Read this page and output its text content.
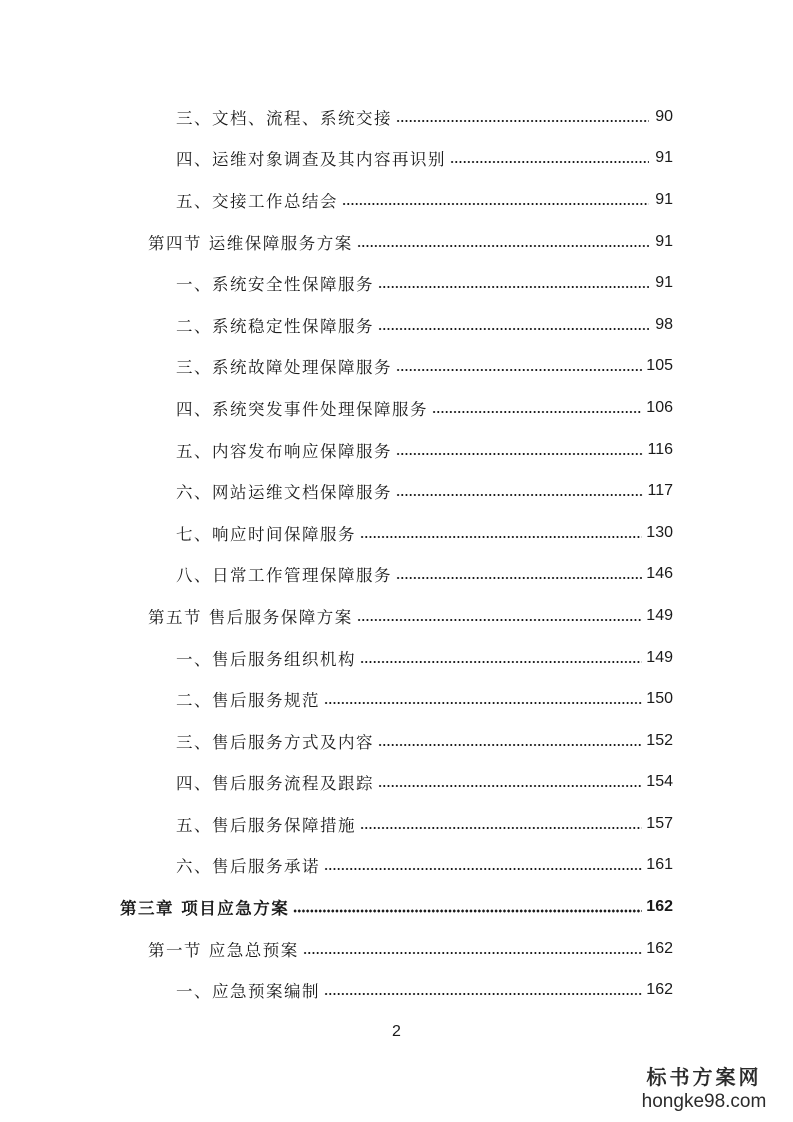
三、文档、流程、系统交接	90
四、运维对象调查及其内容再识别	91
五、交接工作总结会	91
第四节 运维保障服务方案	91
一、系统安全性保障服务	91
二、系统稳定性保障服务	98
三、系统故障处理保障服务	105
四、系统突发事件处理保障服务	106
五、内容发布响应保障服务	116
六、网站运维文档保障服务	117
七、响应时间保障服务	130
八、日常工作管理保障服务	146
第五节 售后服务保障方案	149
一、售后服务组织机构	149
二、售后服务规范	150
三、售后服务方式及内容	152
四、售后服务流程及跟踪	154
五、售后服务保障措施	157
六、售后服务承诺	161
第三章 项目应急方案	162
第一节 应急总预案	162
一、应急预案编制	162
2
标书方案网
hongke98.com
